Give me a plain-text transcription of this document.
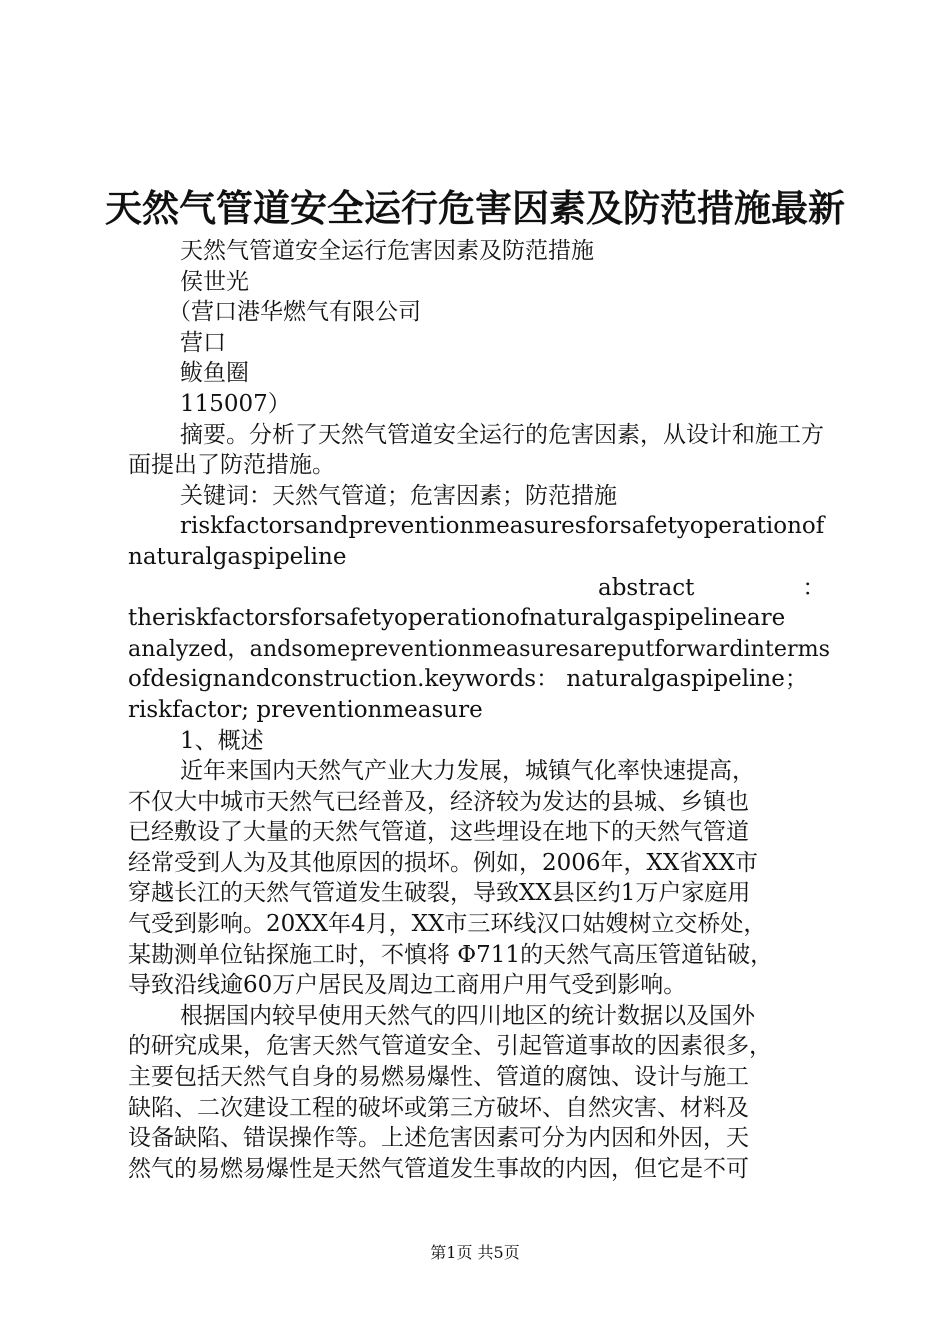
天然气管道安全运行危害因素及防范措施最新

天然气管道安全运行危害因素及防范措施

侯世光

（营口港华燃气有限公司

营口

鲅鱼圈

115007）

摘要。分析了天然气管道安全运行的危害因素，从设计和施工方面提出了防范措施。

关键词：天然气管道；危害因素；防范措施

riskfactorsandpreventionmeasuresforsafetyoperationofnaturalgaspipeline

abstract	：

theriskfactorsforsafetyoperationofnaturalgaspipelineare

analyzed，andsomepreventionmeasuresareputforwardinterms

ofdesignandconstruction.keywords： naturalgaspipeline；

riskfactor; preventionmeasure

1、概述

近年来国内天然气产业大力发展，城镇气化率快速提高，

不仅大中城市天然气已经普及，经济较为发达的县城、乡镇也

已经敷设了大量的天然气管道，这些埋设在地下的天然气管道

经常受到人为及其他原因的损坏。例如，2006年，XX省XX市

穿越长江的天然气管道发生破裂，导致XX县区约1万户家庭用

气受到影响。20XX年4月，XX市三环线汉口姑嫂树立交桥处，

某勘测单位钻探施工时，不慎将 Φ711的天然气高压管道钻破，

导致沿线逾60万户居民及周边工商用户用气受到影响。

根据国内较早使用天然气的四川地区的统计数据以及国外

的研究成果，危害天然气管道安全、引起管道事故的因素很多，

主要包括天然气自身的易燃易爆性、管道的腐蚀、设计与施工

缺陷、二次建设工程的破坏或第三方破坏、自然灾害、材料及

设备缺陷、错误操作等。上述危害因素可分为内因和外因，天

然气的易燃易爆性是天然气管道发生事故的内因，但它是不可

第1页 共5页
